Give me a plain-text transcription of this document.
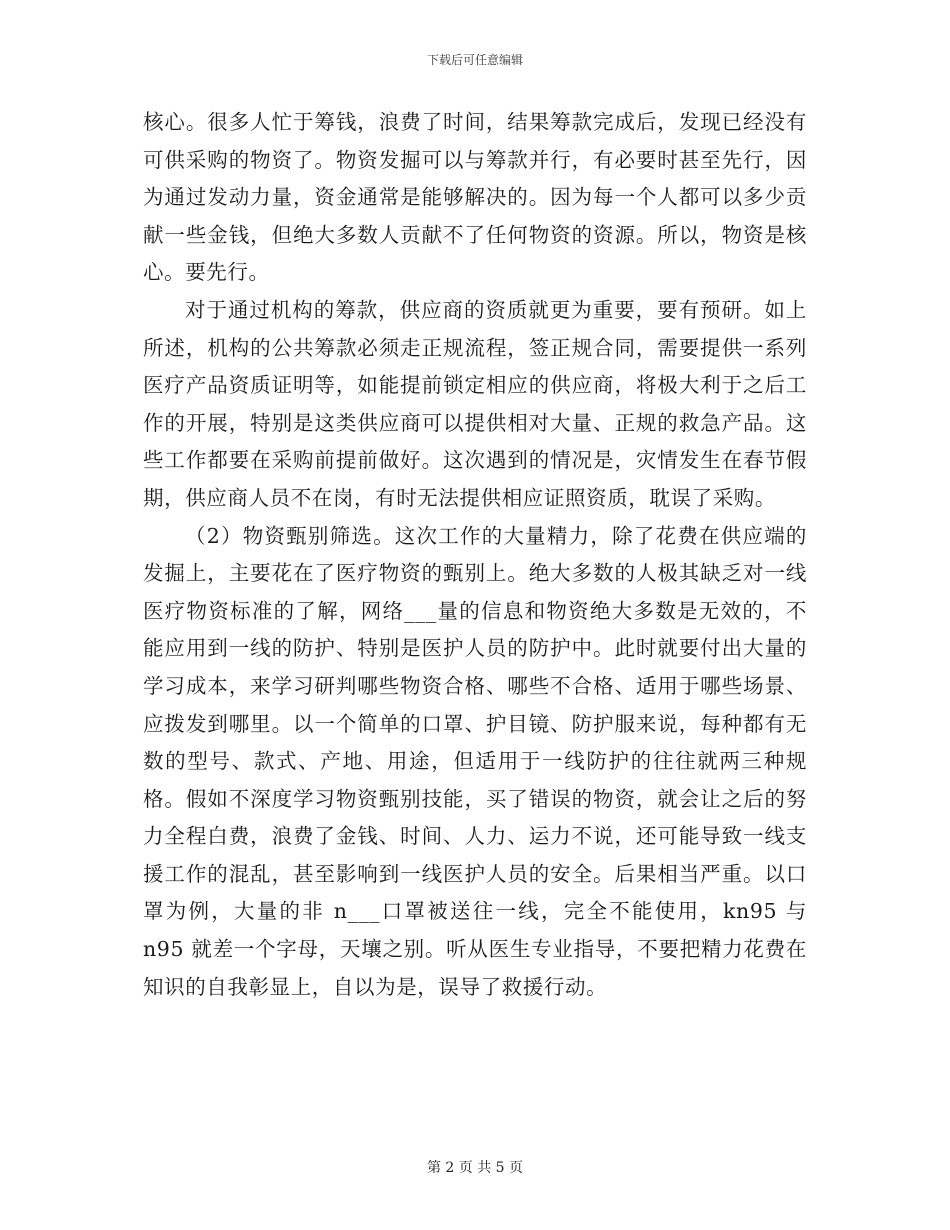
下载后可任意编辑

核心。很多人忙于筹钱，浪费了时间，结果筹款完成后，发现已经没有可供采购的物资了。物资发掘可以与筹款并行，有必要时甚至先行，因为通过发动力量，资金通常是能够解决的。因为每一个人都可以多少贡献一些金钱，但绝大多数人贡献不了任何物资的资源。所以，物资是核心。要先行。

对于通过机构的筹款，供应商的资质就更为重要，要有预研。如上所述，机构的公共筹款必须走正规流程，签正规合同，需要提供一系列医疗产品资质证明等，如能提前锁定相应的供应商，将极大利于之后工作的开展，特别是这类供应商可以提供相对大量、正规的救急产品。这些工作都要在采购前提前做好。这次遇到的情况是，灾情发生在春节假期，供应商人员不在岗，有时无法提供相应证照资质，耽误了采购。

（2）物资甄别筛选。这次工作的大量精力，除了花费在供应端的发掘上，主要花在了医疗物资的甄别上。绝大多数的人极其缺乏对一线医疗物资标准的了解，网络___量的信息和物资绝大多数是无效的，不能应用到一线的防护、特别是医护人员的防护中。此时就要付出大量的学习成本，来学习研判哪些物资合格、哪些不合格、适用于哪些场景、应拨发到哪里。以一个简单的口罩、护目镜、防护服来说，每种都有无数的型号、款式、产地、用途，但适用于一线防护的往往就两三种规格。假如不深度学习物资甄别技能，买了错误的物资，就会让之后的努力全程白费，浪费了金钱、时间、人力、运力不说，还可能导致一线支援工作的混乱，甚至影响到一线医护人员的安全。后果相当严重。以口罩为例，大量的非 n___口罩被送往一线，完全不能使用，kn95 与 n95 就差一个字母，天壤之别。听从医生专业指导，不要把精力花费在知识的自我彰显上，自以为是，误导了救援行动。

第 2 页 共 5 页
